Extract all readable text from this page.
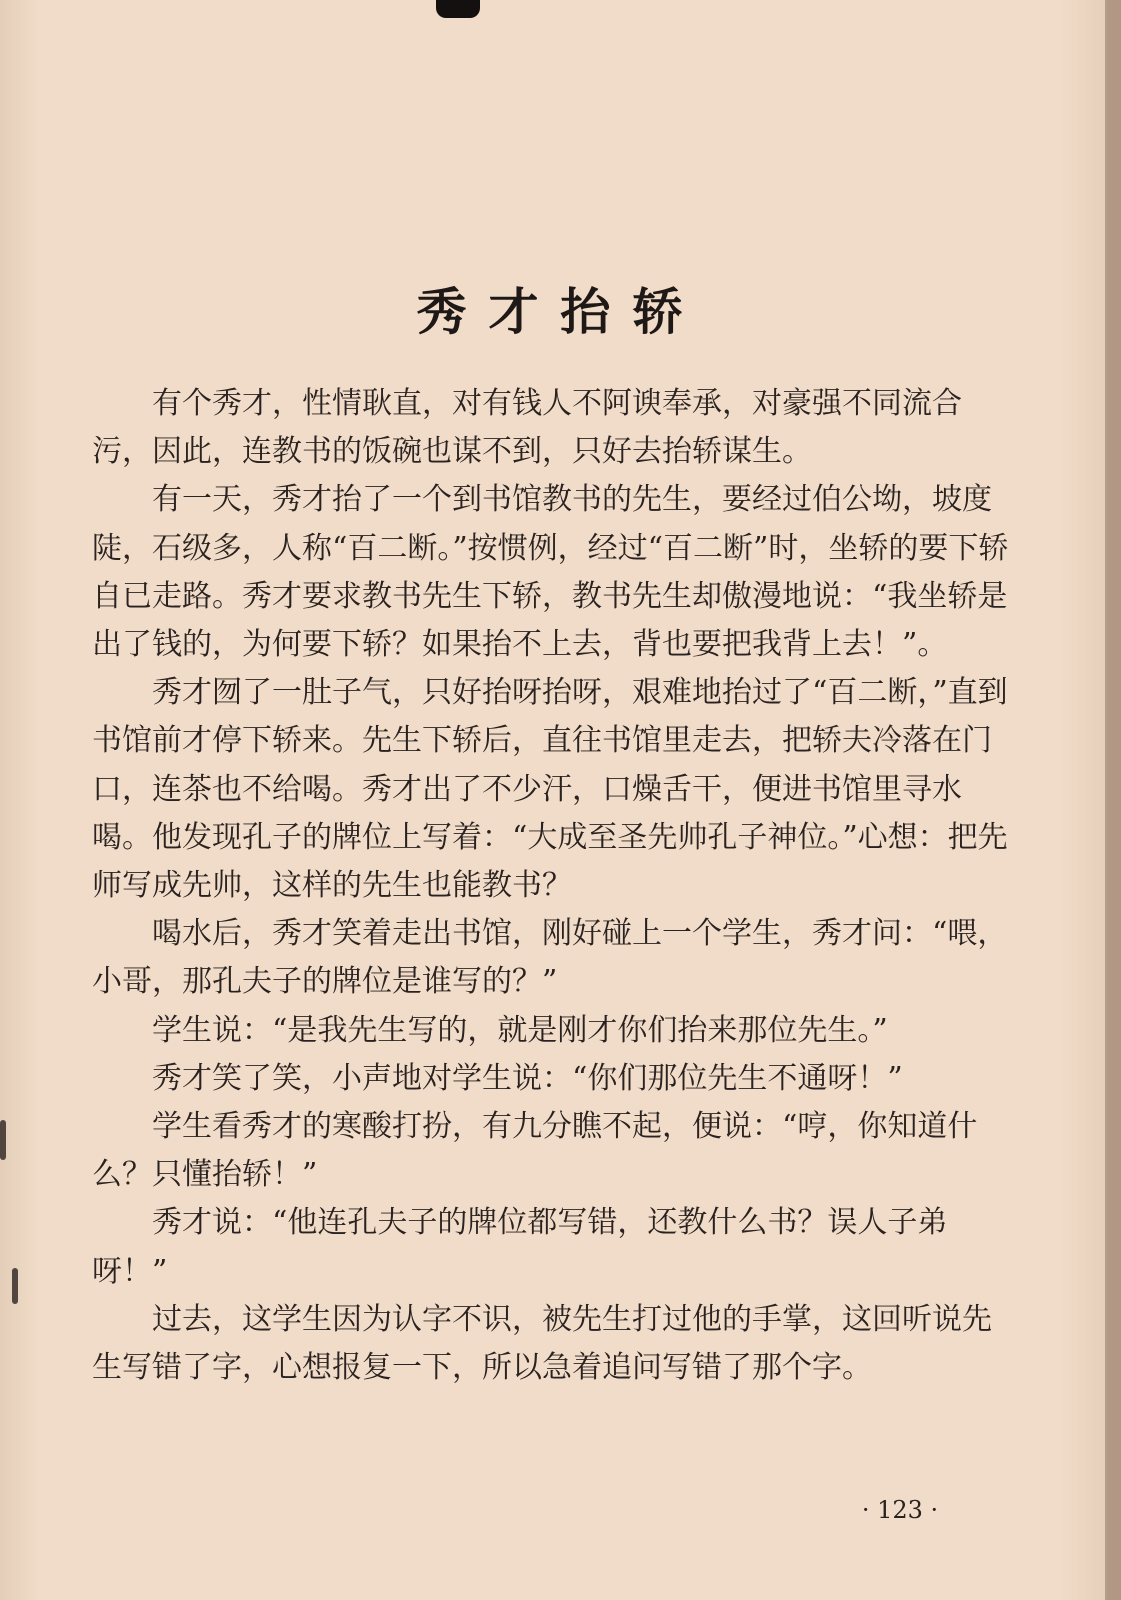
秀才抬轿

有个秀才，性情耿直，对有钱人不阿谀奉承，对豪强不同流合污，因此，连教书的饭碗也谋不到，只好去抬轿谋生。

有一天，秀才抬了一个到书馆教书的先生，要经过伯公坳，坡度陡，石级多，人称“百二断。”按惯例，经过“百二断”时，坐轿的要下轿自已走路。秀才要求教书先生下轿，教书先生却傲漫地说：“我坐轿是出了钱的，为何要下轿？如果抬不上去，背也要把我背上去！”。

秀才囫了一肚子气，只好抬呀抬呀，艰难地抬过了“百二断，”直到书馆前才停下轿来。先生下轿后，直往书馆里走去，把轿夫冷落在门口，连茶也不给喝。秀才出了不少汗，口燥舌干，便进书馆里寻水喝。他发现孔子的牌位上写着：“大成至圣先帅孔子神位。”心想：把先师写成先帅，这样的先生也能教书？

喝水后，秀才笑着走出书馆，刚好碰上一个学生，秀才问：“喂，小哥，那孔夫子的牌位是谁写的？”

学生说：“是我先生写的，就是刚才你们抬来那位先生。”

秀才笑了笑，小声地对学生说：“你们那位先生不通呀！”

学生看秀才的寒酸打扮，有九分瞧不起，便说：“哼，你知道什么？只懂抬轿！”

秀才说：“他连孔夫子的牌位都写错，还教什么书？误人子弟呀！”

过去，这学生因为认字不识，被先生打过他的手掌，这回听说先生写错了字，心想报复一下，所以急着追问写错了那个字。

· 123 ·
